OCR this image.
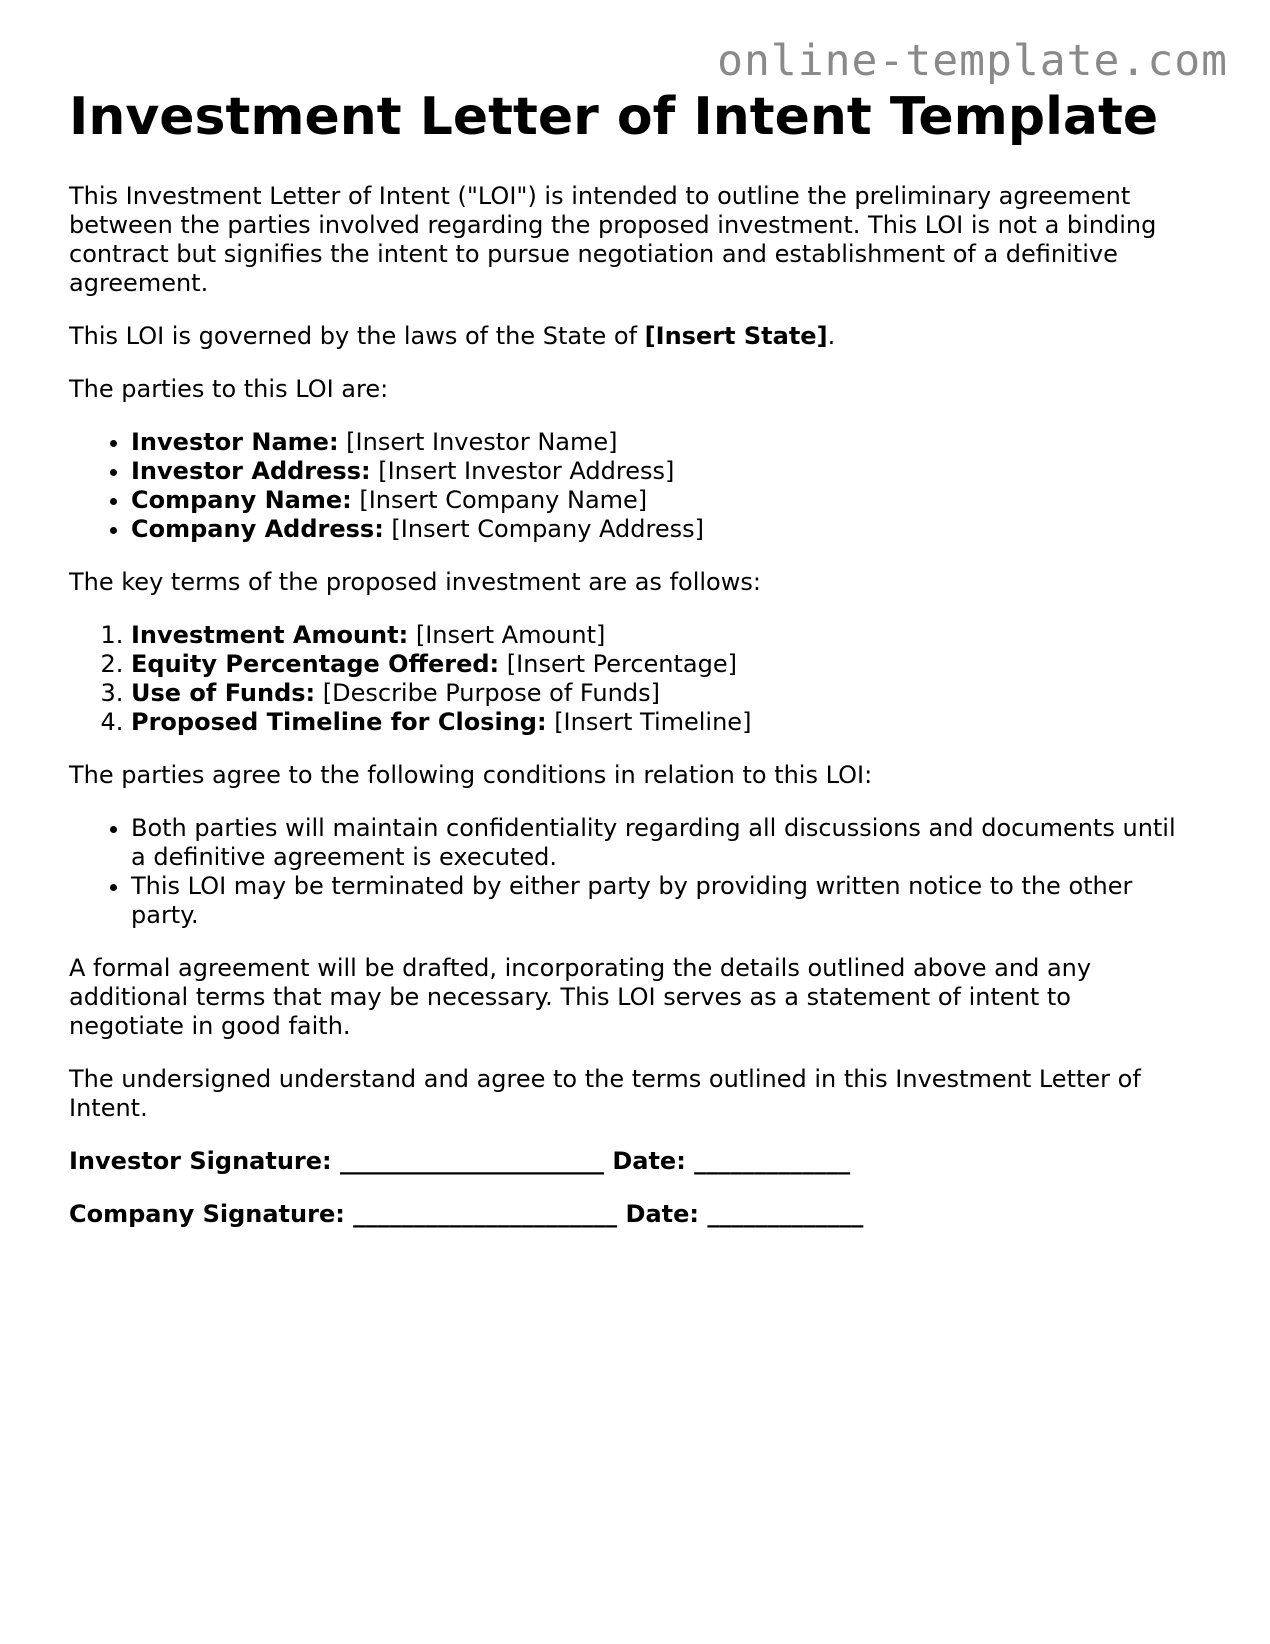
online-template.com
Investment Letter of Intent Template

This Investment Letter of Intent ("LOI") is intended to outline the preliminary agreement between the parties involved regarding the proposed investment. This LOI is not a binding contract but signifies the intent to pursue negotiation and establishment of a definitive agreement.

This LOI is governed by the laws of the State of [Insert State].

The parties to this LOI are:

• Investor Name: [Insert Investor Name]
• Investor Address: [Insert Investor Address]
• Company Name: [Insert Company Name]
• Company Address: [Insert Company Address]

The key terms of the proposed investment are as follows:

1. Investment Amount: [Insert Amount]
2. Equity Percentage Offered: [Insert Percentage]
3. Use of Funds: [Describe Purpose of Funds]
4. Proposed Timeline for Closing: [Insert Timeline]

The parties agree to the following conditions in relation to this LOI:

• Both parties will maintain confidentiality regarding all discussions and documents until a definitive agreement is executed.
• This LOI may be terminated by either party by providing written notice to the other party.

A formal agreement will be drafted, incorporating the details outlined above and any additional terms that may be necessary. This LOI serves as a statement of intent to negotiate in good faith.

The undersigned understand and agree to the terms outlined in this Investment Letter of Intent.

Investor Signature: ______________________ Date: _____________

Company Signature: ______________________ Date: _____________
